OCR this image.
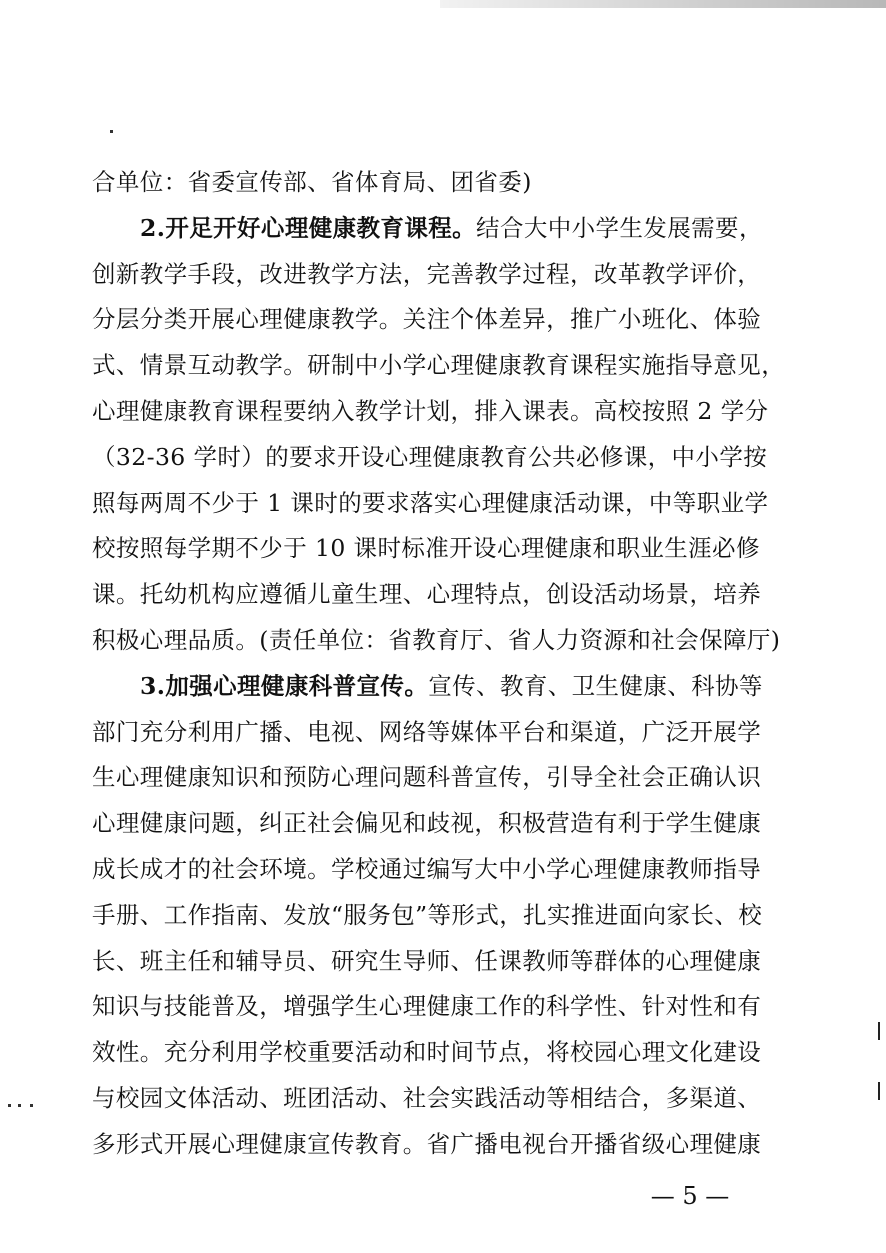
合单位：省委宣传部、省体育局、团省委)
2.开足开好心理健康教育课程。结合大中小学生发展需要，
创新教学手段，改进教学方法，完善教学过程，改革教学评价，
分层分类开展心理健康教学。关注个体差异，推广小班化、体验
式、情景互动教学。研制中小学心理健康教育课程实施指导意见，
心理健康教育课程要纳入教学计划，排入课表。高校按照 2 学分
（32-36 学时）的要求开设心理健康教育公共必修课，中小学按
照每两周不少于 1 课时的要求落实心理健康活动课，中等职业学
校按照每学期不少于 10 课时标准开设心理健康和职业生涯必修
课。托幼机构应遵循儿童生理、心理特点，创设活动场景，培养
积极心理品质。(责任单位：省教育厅、省人力资源和社会保障厅)
3.加强心理健康科普宣传。宣传、教育、卫生健康、科协等
部门充分利用广播、电视、网络等媒体平台和渠道，广泛开展学
生心理健康知识和预防心理问题科普宣传，引导全社会正确认识
心理健康问题，纠正社会偏见和歧视，积极营造有利于学生健康
成长成才的社会环境。学校通过编写大中小学心理健康教师指导
手册、工作指南、发放“服务包”等形式，扎实推进面向家长、校
长、班主任和辅导员、研究生导师、任课教师等群体的心理健康
知识与技能普及，增强学生心理健康工作的科学性、针对性和有
效性。充分利用学校重要活动和时间节点，将校园心理文化建设
与校园文体活动、班团活动、社会实践活动等相结合，多渠道、
多形式开展心理健康宣传教育。省广播电视台开播省级心理健康
— 5 —
